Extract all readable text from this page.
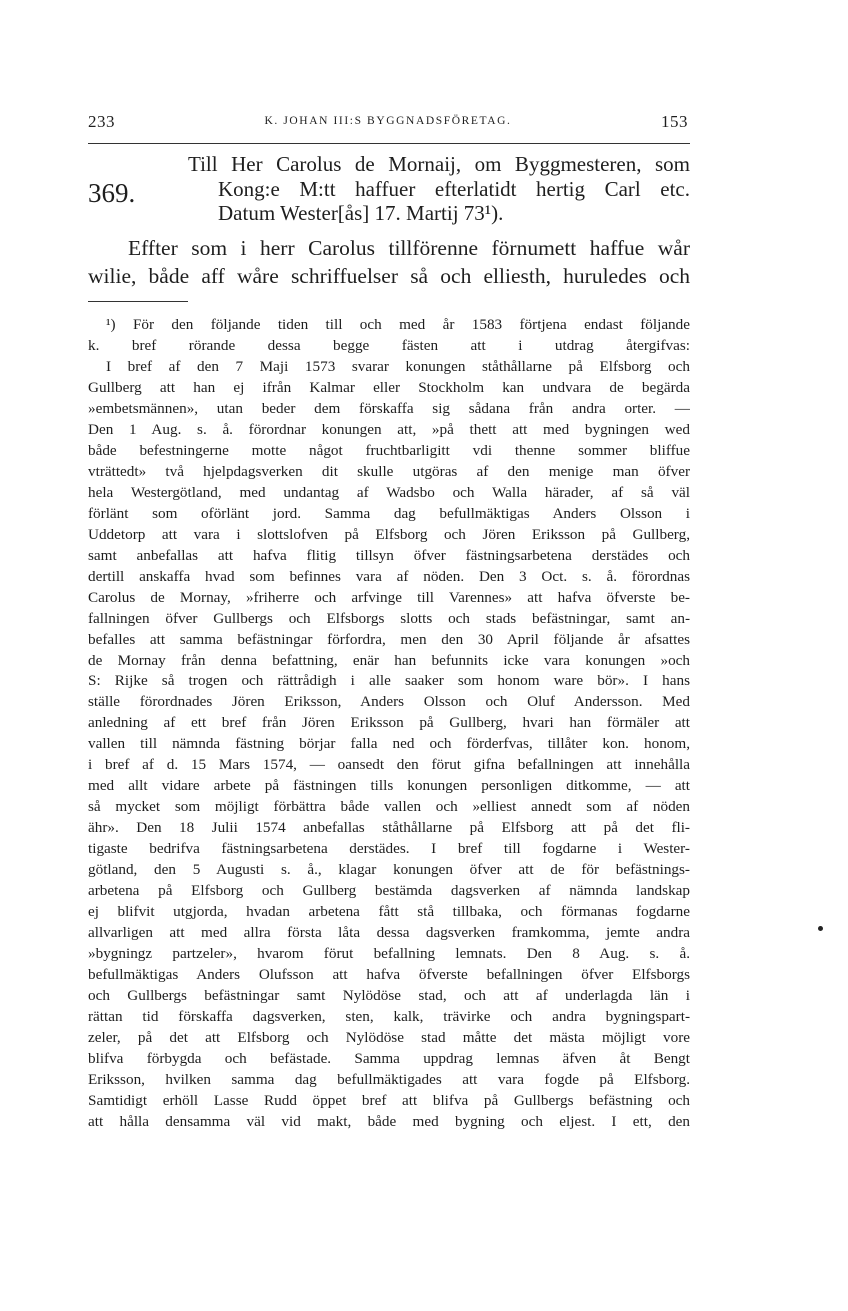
233	K. JOHAN III:S BYGGNADSFÖRETAG.	153
369.
Till Her Carolus de Mornaij, om Byggmesteren, som
Kong:e M:tt haffuer efterlatidt hertig Carl etc.
Datum Wester[ås] 17. Martij 73¹).
Effter som i herr Carolus tillförenne förnumett haffue wår
wilie, både aff wåre schriffuelser så och elliesth, huruledes och
¹) För den följande tiden till och med år 1583 förtjena endast följande
k. bref rörande dessa begge fästen att i utdrag återgifvas:
I bref af den 7 Maji 1573 svarar konungen ståthållarne på Elfsborg och
Gullberg att han ej ifrån Kalmar eller Stockholm kan undvara de begärda
»embetsmännen», utan beder dem förskaffa sig sådana från andra orter. —
Den 1 Aug. s. å. förordnar konungen att, »på thett att med bygningen wed
både befestningerne motte något fruchtbarligitt vdi thenne sommer bliffue
vträttedt» två hjelpdagsverken dit skulle utgöras af den menige man öfver
hela Westergötland, med undantag af Wadsbo och Walla härader, af så väl
förlänt som oförlänt jord. Samma dag befullmäktigas Anders Olsson i
Uddetorp att vara i slottslofven på Elfsborg och Jören Eriksson på Gullberg,
samt anbefallas att hafva flitig tillsyn öfver fästningsarbetena derstädes och
dertill anskaffa hvad som befinnes vara af nöden. Den 3 Oct. s. å. förordnas
Carolus de Mornay, »friherre och arfvinge till Varennes» att hafva öfverste be-
fallningen öfver Gullbergs och Elfsborgs slotts och stads befästningar, samt an-
befalles att samma befästningar förfordra, men den 30 April följande år afsattes
de Mornay från denna befattning, enär han befunnits icke vara konungen »och
S: Rijke så trogen och rättrådigh i alle saaker som honom ware bör». I hans
ställe förordnades Jören Eriksson, Anders Olsson och Oluf Andersson. Med
anledning af ett bref från Jören Eriksson på Gullberg, hvari han förmäler att
vallen till nämnda fästning börjar falla ned och förderfvas, tillåter kon. honom,
i bref af d. 15 Mars 1574, — oansedt den förut gifna befallningen att innehålla
med allt vidare arbete på fästningen tills konungen personligen ditkomme, — att
så mycket som möjligt förbättra både vallen och »elliest annedt som af nöden
ähr». Den 18 Julii 1574 anbefallas ståthållarne på Elfsborg att på det fli-
tigaste bedrifva fästningsarbetena derstädes. I bref till fogdarne i Wester-
götland, den 5 Augusti s. å., klagar konungen öfver att de för befästnings-
arbetena på Elfsborg och Gullberg bestämda dagsverken af nämnda landskap
ej blifvit utgjorda, hvadan arbetena fått stå tillbaka, och förmanas fogdarne
allvarligen att med allra första låta dessa dagsverken framkomma, jemte andra
»bygningz partzeler», hvarom förut befallning lemnats. Den 8 Aug. s. å.
befullmäktigas Anders Olufsson att hafva öfverste befallningen öfver Elfsborgs
och Gullbergs befästningar samt Nylödöse stad, och att af underlagda län i
rättan tid förskaffa dagsverken, sten, kalk, trävirke och andra bygningspart-
zeler, på det att Elfsborg och Nylödöse stad måtte det mästa möjligt vore
blifva förbygda och befästade. Samma uppdrag lemnas äfven åt Bengt
Eriksson, hvilken samma dag befullmäktigades att vara fogde på Elfsborg.
Samtidigt erhöll Lasse Rudd öppet bref att blifva på Gullbergs befästning och
att hålla densamma väl vid makt, både med bygning och eljest. I ett, den
